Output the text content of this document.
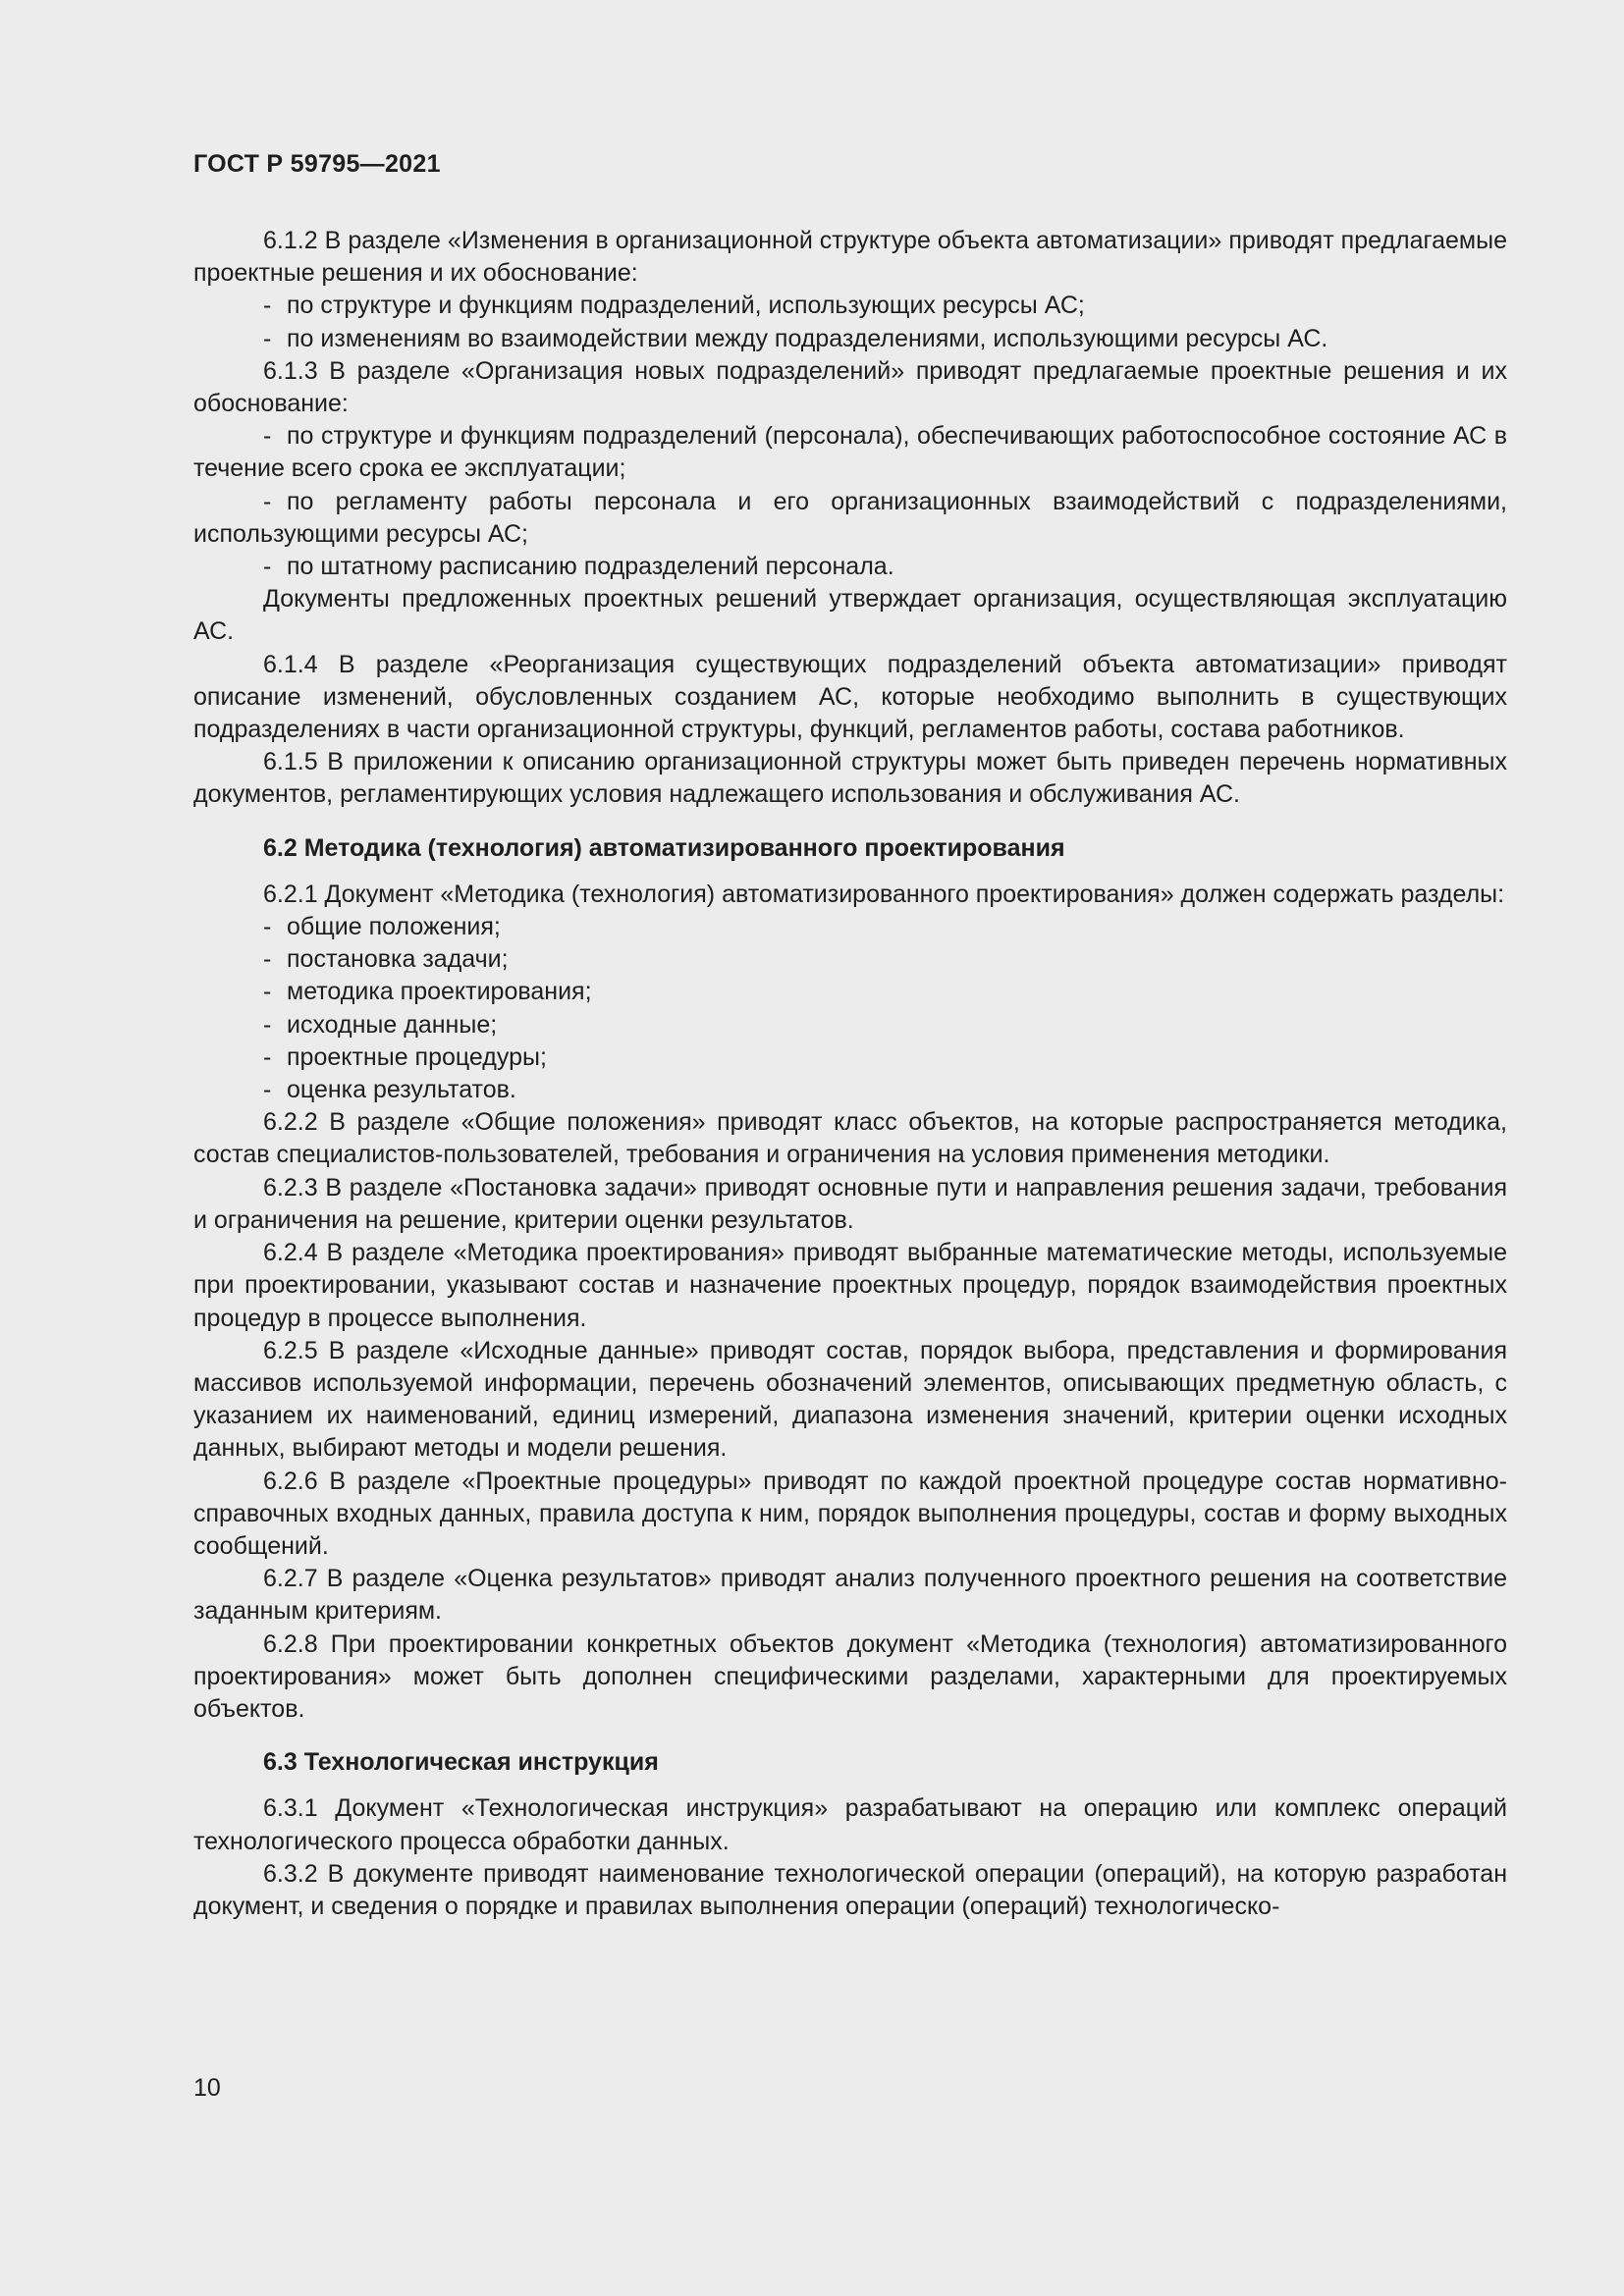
ГОСТ Р 59795—2021

6.1.2 В разделе «Изменения в организационной структуре объекта автоматизации» приводят предлагаемые проектные решения и их обоснование:

- по структуре и функциям подразделений, использующих ресурсы АС;

- по изменениям во взаимодействии между подразделениями, использующими ресурсы АС.

6.1.3 В разделе «Организация новых подразделений» приводят предлагаемые проектные решения и их обоснование:

- по структуре и функциям подразделений (персонала), обеспечивающих работоспособное состояние АС в течение всего срока ее эксплуатации;

- по регламенту работы персонала и его организационных взаимодействий с подразделениями, использующими ресурсы АС;

- по штатному расписанию подразделений персонала.

Документы предложенных проектных решений утверждает организация, осуществляющая эксплуатацию АС.

6.1.4 В разделе «Реорганизация существующих подразделений объекта автоматизации» приводят описание изменений, обусловленных созданием АС, которые необходимо выполнить в существующих подразделениях в части организационной структуры, функций, регламентов работы, состава работников.

6.1.5 В приложении к описанию организационной структуры может быть приведен перечень нормативных документов, регламентирующих условия надлежащего использования и обслуживания АС.

6.2 Методика (технология) автоматизированного проектирования

6.2.1 Документ «Методика (технология) автоматизированного проектирования» должен содержать разделы:

- общие положения;

- постановка задачи;

- методика проектирования;

- исходные данные;

- проектные процедуры;

- оценка результатов.

6.2.2 В разделе «Общие положения» приводят класс объектов, на которые распространяется методика, состав специалистов-пользователей, требования и ограничения на условия применения методики.

6.2.3 В разделе «Постановка задачи» приводят основные пути и направления решения задачи, требования и ограничения на решение, критерии оценки результатов.

6.2.4 В разделе «Методика проектирования» приводят выбранные математические методы, используемые при проектировании, указывают состав и назначение проектных процедур, порядок взаимодействия проектных процедур в процессе выполнения.

6.2.5 В разделе «Исходные данные» приводят состав, порядок выбора, представления и формирования массивов используемой информации, перечень обозначений элементов, описывающих предметную область, с указанием их наименований, единиц измерений, диапазона изменения значений, критерии оценки исходных данных, выбирают методы и модели решения.

6.2.6 В разделе «Проектные процедуры» приводят по каждой проектной процедуре состав нормативно-справочных входных данных, правила доступа к ним, порядок выполнения процедуры, состав и форму выходных сообщений.

6.2.7 В разделе «Оценка результатов» приводят анализ полученного проектного решения на соответствие заданным критериям.

6.2.8 При проектировании конкретных объектов документ «Методика (технология) автоматизированного проектирования» может быть дополнен специфическими разделами, характерными для проектируемых объектов.

6.3 Технологическая инструкция

6.3.1 Документ «Технологическая инструкция» разрабатывают на операцию или комплекс операций технологического процесса обработки данных.

6.3.2 В документе приводят наименование технологической операции (операций), на которую разработан документ, и сведения о порядке и правилах выполнения операции (операций) технологическо-

10
